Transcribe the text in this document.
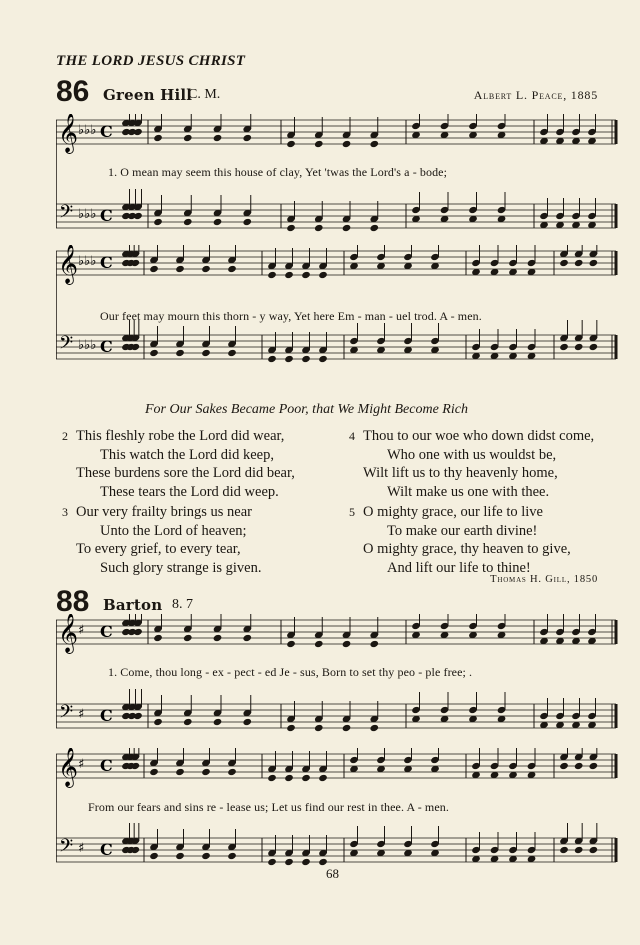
THE LORD JESUS CHRIST
86 Green Hill
C. M.	Albert L. Peace, 1885
𝄞 ♭♭♭ C
𝄢 ♭♭♭ C
1. O mean may seem this house of clay, Yet 'twas the Lord's a - bode;
𝄞 ♭♭♭ C
𝄢 ♭♭♭ C
Our feet may mourn this thorn - y way, Yet here Em - man - uel trod. A - men.
For Our Sakes Became Poor, that We Might Become Rich
2 This fleshly robe the Lord did wear,
This watch the Lord did keep,
These burdens sore the Lord did bear,
These tears the Lord did weep.
3 Our very frailty brings us near
Unto the Lord of heaven;
To every grief, to every tear,
Such glory strange is given.
4 Thou to our woe who down didst come,
Who one with us wouldst be,
Wilt lift us to thy heavenly home,
Wilt make us one with thee.
5 O mighty grace, our life to live
To make our earth divine!
O mighty grace, thy heaven to give,
And lift our life to thine!
Thomas H. Gill, 1850
88 Barton 8. 7
𝄞 ♯ C
𝄢 ♯ C
1. Come, thou long - ex - pect - ed Je - sus, Born to set thy peo - ple free; .
𝄞 ♯ C
𝄢 ♯ C
From our fears and sins re - lease us; Let us find our rest in thee. A - men.
68
